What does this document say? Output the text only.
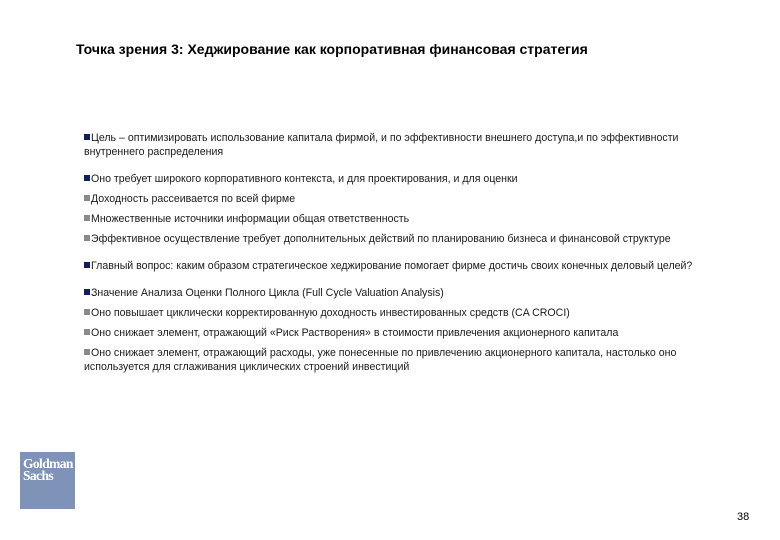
Точка зрения 3: Хеджирование как корпоративная финансовая стратегия

Цель – оптимизировать использование капитала фирмой, и по эффективности внешнего доступа,и по эффективности внутреннего распределения

Оно требует широкого корпоративного контекста, и для проектирования, и для оценки

Доходность рассеивается по всей фирме

Множественные источники информации общая ответственность

Эффективное осуществление требует дополнительных действий по планированию бизнеса и финансовой структуре

Главный вопрос: каким образом стратегическое хеджирование помогает фирме достичь своих конечных деловый целей?

Значение Анализа Оценки Полного Цикла (Full Cycle Valuation Analysis)

Оно повышает циклически корректированную доходность инвестированных средств (CA CROCI)

Оно снижает элемент, отражающий «Риск Растворения» в стоимости привлечения акционерного капитала

Оно снижает элемент, отражающий расходы, уже понесенные по привлечению акционерного капитала, настолько оно используется для сглаживания циклических строений инвестиций

Goldman
Sachs
38
